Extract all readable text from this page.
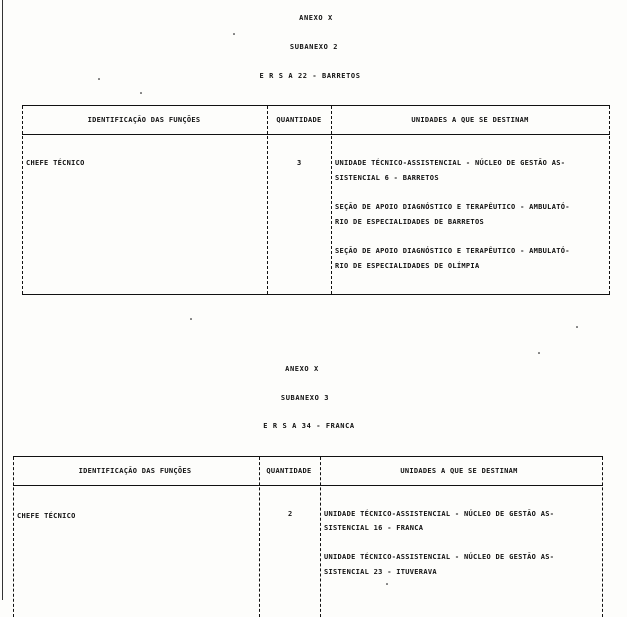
ANEXO X
SUBANEXO 2
E R S A 22 - BARRETOS
IDENTIFICAÇÃO DAS FUNÇÕES	QUANTIDADE	UNIDADES A QUE SE DESTINAM
CHEFE TÉCNICO	3	UNIDADE TÉCNICO-ASSISTENCIAL - NÚCLEO DE GESTÃO AS-
SISTENCIAL 6 - BARRETOS
SEÇÃO DE APOIO DIAGNÓSTICO E TERAPÊUTICO - AMBULATÓ-
RIO DE ESPECIALIDADES DE BARRETOS
SEÇÃO DE APOIO DIAGNÓSTICO E TERAPÊUTICO - AMBULATÓ-
RIO DE ESPECIALIDADES DE OLÍMPIA
ANEXO X
SUBANEXO 3
E R S A 34 - FRANCA
IDENTIFICAÇÃO DAS FUNÇÕES	QUANTIDADE	UNIDADES A QUE SE DESTINAM
CHEFE TÉCNICO	2	UNIDADE TÉCNICO-ASSISTENCIAL - NÚCLEO DE GESTÃO AS-
SISTENCIAL 16 - FRANCA
UNIDADE TÉCNICO-ASSISTENCIAL - NÚCLEO DE GESTÃO AS-
SISTENCIAL 23 - ITUVERAVA
